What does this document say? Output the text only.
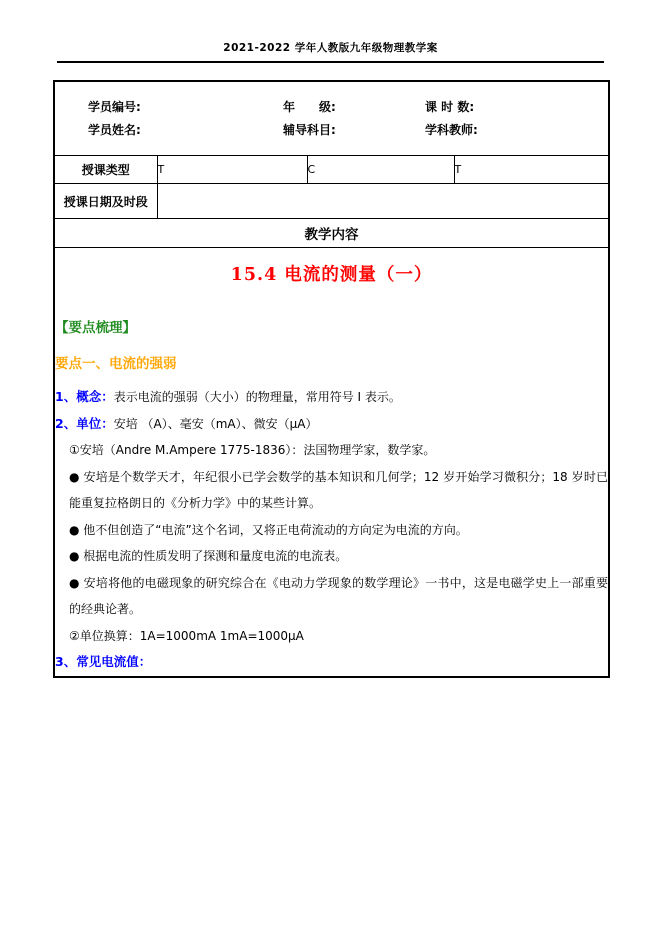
2021-2022 学年人教版九年级物理教学案
学员编号:	年　　级:	课 时 数:
学员姓名:	辅导科目:	学科教师:

授课类型	T	C	T
授课日期及时段			
教学内容			

15.4 电流的测量（一）
【要点梳理】
要点一、电流的强弱

1、概念：表示电流的强弱（大小）的物理量，常用符号 I 表示。

2、单位：安培 （A）、毫安（mA）、微安（μA）

①安培（Andre M.Ampere 1775-1836）：法国物理学家，数学家。

● 安培是个数学天才，年纪很小已学会数学的基本知识和几何学；12 岁开始学习微积分；18 岁时已能重复拉格朗日的《分析力学》中的某些计算。

● 他不但创造了“电流”这个名词，又将正电荷流动的方向定为电流的方向。

● 根据电流的性质发明了探测和量度电流的电流表。

● 安培将他的电磁现象的研究综合在《电动力学现象的数学理论》一书中，这是电磁学史上一部重要的经典论著。

②单位换算：1A=1000mA 1mA=1000μA

3、常见电流值：
